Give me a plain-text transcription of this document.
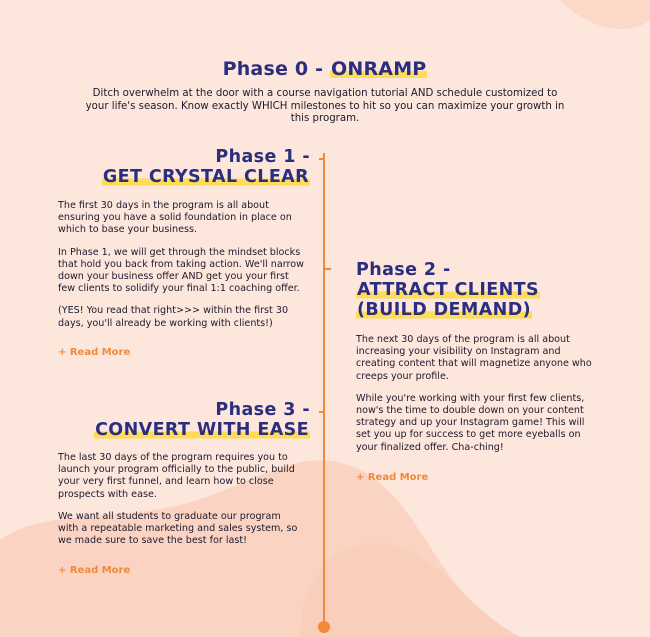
Phase 0 - ONRAMP
Ditch overwhelm at the door with a course navigation tutorial AND schedule customized to your life's season. Know exactly WHICH milestones to hit so you can maximize your growth in this program.
Phase 1 -
GET CRYSTAL CLEAR

The first 30 days in the program is all about ensuring you have a solid foundation in place on which to base your business.

In Phase 1, we will get through the mindset blocks that hold you back from taking action. We'll narrow down your business offer AND get you your first few clients to solidify your final 1:1 coaching offer.

(YES! You read that right>>> within the first 30 days, you'll already be working with clients!)

+ Read More
Phase 2 -
ATTRACT CLIENTS
(BUILD DEMAND)

The next 30 days of the program is all about increasing your visibility on Instagram and creating content that will magnetize anyone who creeps your profile.

While you're working with your first few clients, now's the time to double down on your content strategy and up your Instagram game! This will set you up for success to get more eyeballs on your finalized offer. Cha-ching!

+ Read More
Phase 3 -
CONVERT WITH EASE

The last 30 days of the program requires you to launch your program officially to the public, build your very first funnel, and learn how to close prospects with ease.

We want all students to graduate our program with a repeatable marketing and sales system, so we made sure to save the best for last!

+ Read More
